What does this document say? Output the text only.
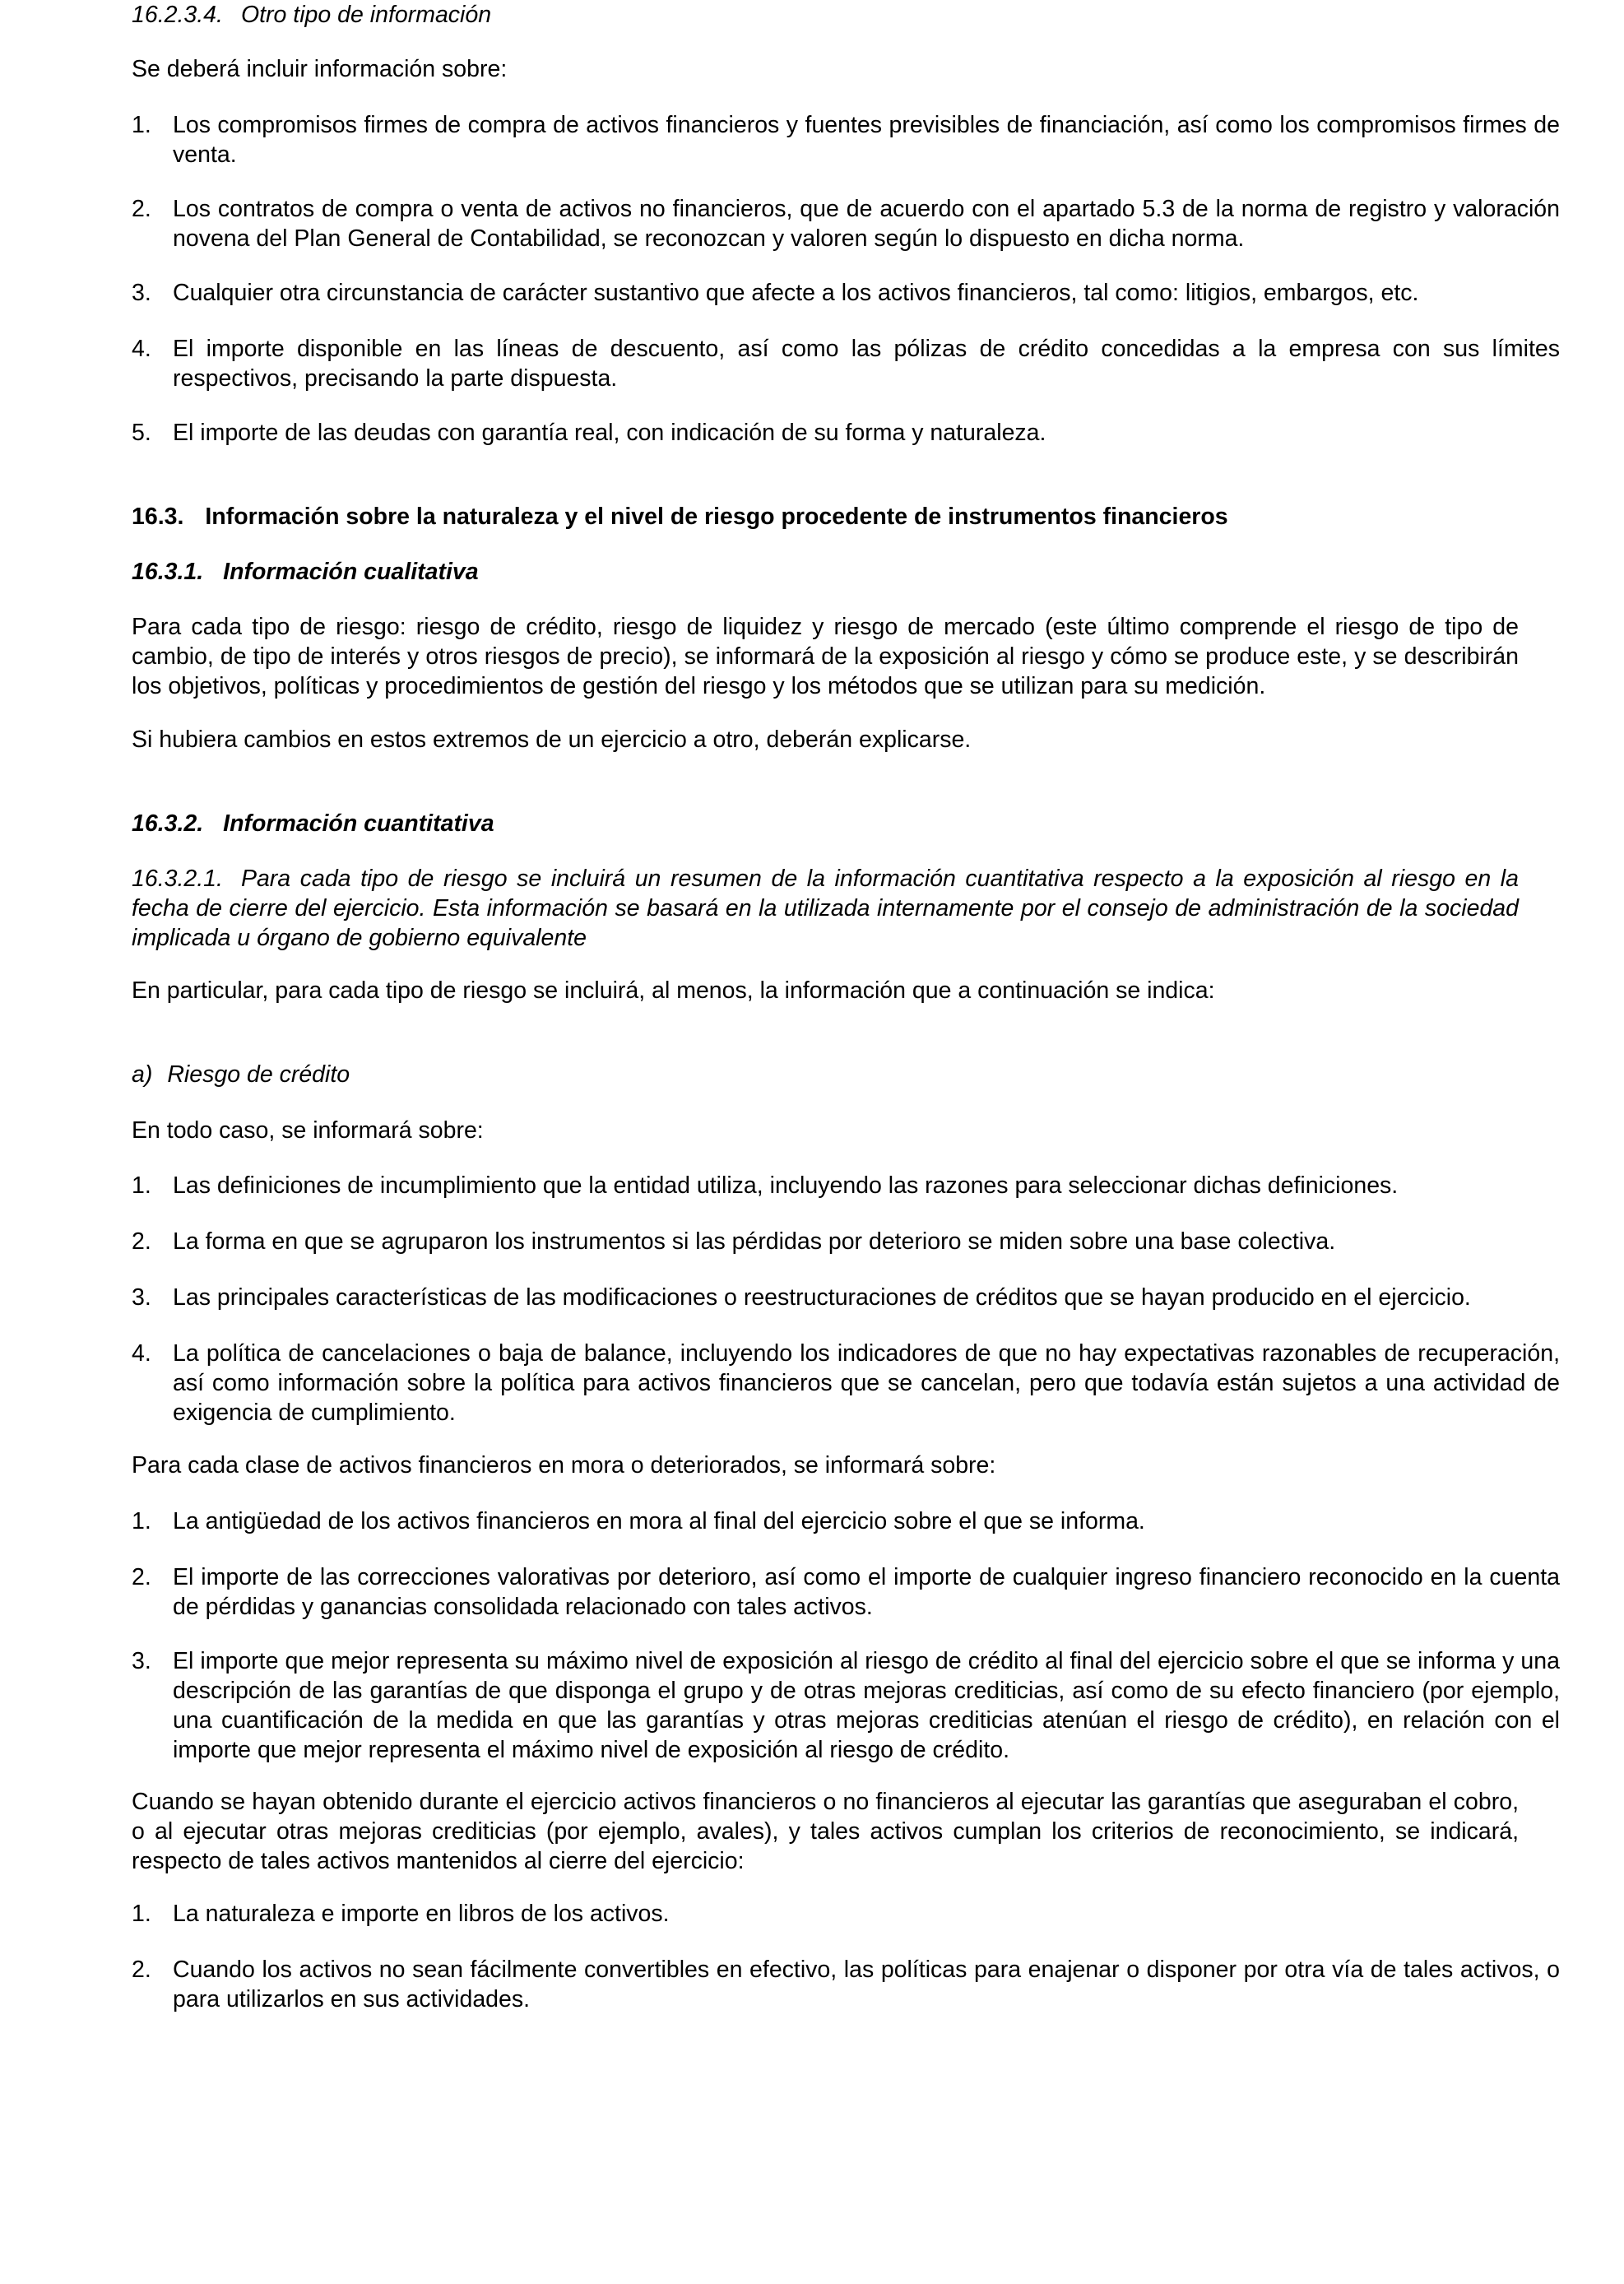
16.2.3.4. Otro tipo de información
Se deberá incluir información sobre:
1. Los compromisos firmes de compra de activos financieros y fuentes previsibles de financiación, así como los compromisos firmes de venta.
2. Los contratos de compra o venta de activos no financieros, que de acuerdo con el apartado 5.3 de la norma de registro y valoración novena del Plan General de Contabilidad, se reconozcan y valoren según lo dispuesto en dicha norma.
3. Cualquier otra circunstancia de carácter sustantivo que afecte a los activos financieros, tal como: litigios, embargos, etc.
4. El importe disponible en las líneas de descuento, así como las pólizas de crédito concedidas a la empresa con sus límites respectivos, precisando la parte dispuesta.
5. El importe de las deudas con garantía real, con indicación de su forma y naturaleza.
16.3. Información sobre la naturaleza y el nivel de riesgo procedente de instrumentos financieros
16.3.1. Información cualitativa
Para cada tipo de riesgo: riesgo de crédito, riesgo de liquidez y riesgo de mercado (este último comprende el riesgo de tipo de cambio, de tipo de interés y otros riesgos de precio), se informará de la exposición al riesgo y cómo se produce este, y se describirán los objetivos, políticas y procedimientos de gestión del riesgo y los métodos que se utilizan para su medición.
Si hubiera cambios en estos extremos de un ejercicio a otro, deberán explicarse.
16.3.2. Información cuantitativa
16.3.2.1. Para cada tipo de riesgo se incluirá un resumen de la información cuantitativa respecto a la exposición al riesgo en la fecha de cierre del ejercicio. Esta información se basará en la utilizada internamente por el consejo de administración de la sociedad implicada u órgano de gobierno equivalente
En particular, para cada tipo de riesgo se incluirá, al menos, la información que a continuación se indica:
a) Riesgo de crédito
En todo caso, se informará sobre:
1. Las definiciones de incumplimiento que la entidad utiliza, incluyendo las razones para seleccionar dichas definiciones.
2. La forma en que se agruparon los instrumentos si las pérdidas por deterioro se miden sobre una base colectiva.
3. Las principales características de las modificaciones o reestructuraciones de créditos que se hayan producido en el ejercicio.
4. La política de cancelaciones o baja de balance, incluyendo los indicadores de que no hay expectativas razonables de recuperación, así como información sobre la política para activos financieros que se cancelan, pero que todavía están sujetos a una actividad de exigencia de cumplimiento.
Para cada clase de activos financieros en mora o deteriorados, se informará sobre:
1. La antigüedad de los activos financieros en mora al final del ejercicio sobre el que se informa.
2. El importe de las correcciones valorativas por deterioro, así como el importe de cualquier ingreso financiero reconocido en la cuenta de pérdidas y ganancias consolidada relacionado con tales activos.
3. El importe que mejor representa su máximo nivel de exposición al riesgo de crédito al final del ejercicio sobre el que se informa y una descripción de las garantías de que disponga el grupo y de otras mejoras crediticias, así como de su efecto financiero (por ejemplo, una cuantificación de la medida en que las garantías y otras mejoras crediticias atenúan el riesgo de crédito), en relación con el importe que mejor representa el máximo nivel de exposición al riesgo de crédito.
Cuando se hayan obtenido durante el ejercicio activos financieros o no financieros al ejecutar las garantías que aseguraban el cobro, o al ejecutar otras mejoras crediticias (por ejemplo, avales), y tales activos cumplan los criterios de reconocimiento, se indicará, respecto de tales activos mantenidos al cierre del ejercicio:
1. La naturaleza e importe en libros de los activos.
2. Cuando los activos no sean fácilmente convertibles en efectivo, las políticas para enajenar o disponer por otra vía de tales activos, o para utilizarlos en sus actividades.
